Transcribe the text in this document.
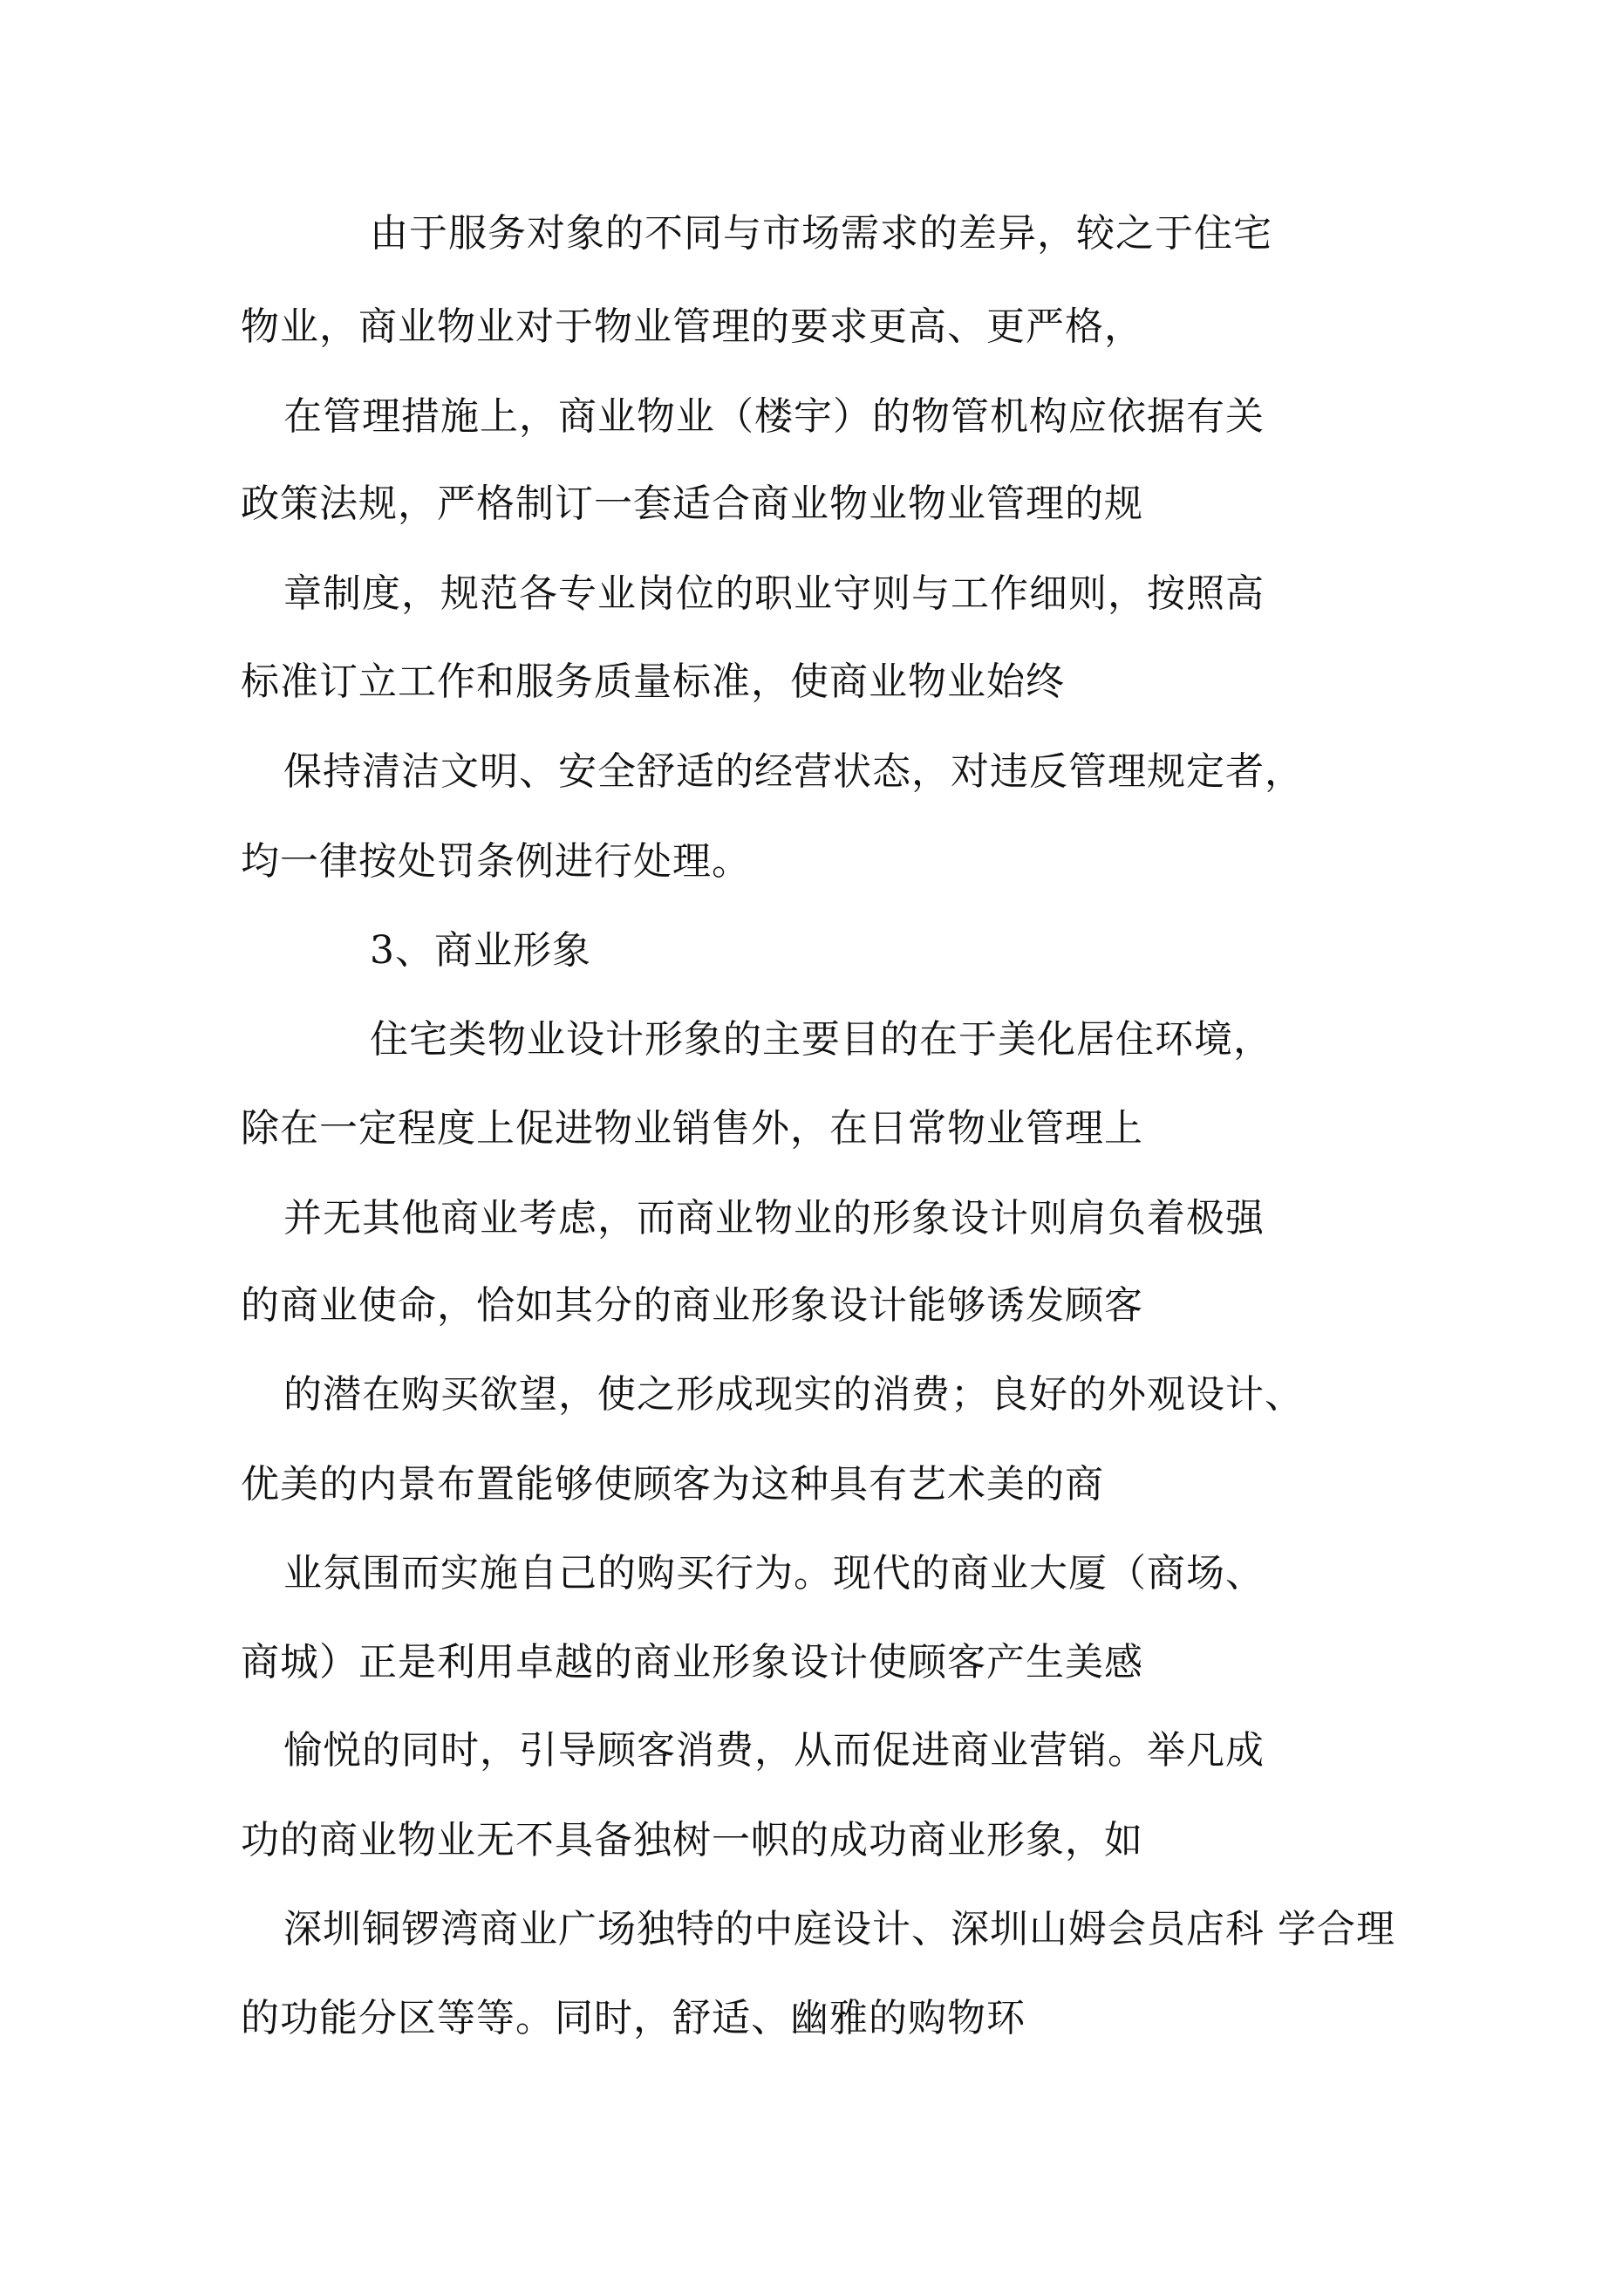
由于服务对象的不同与市场需求的差异，较之于住宅
物业，商业物业对于物业管理的要求更高、更严格，
在管理措施上，商业物业（楼宇）的物管机构应依据有关
政策法规，严格制订一套适合商业物业物业管理的规
章制度，规范各专业岗位的职业守则与工作细则，按照高
标准订立工作和服务质量标准，使商业物业始终
保持清洁文明、安全舒适的经营状态，对违反管理规定者，
均一律按处罚条例进行处理。
3、商业形象
住宅类物业设计形象的主要目的在于美化居住环境，
除在一定程度上促进物业销售外，在日常物业管理上
并无其他商业考虑，而商业物业的形象设计则肩负着极强
的商业使命，恰如其分的商业形象设计能够诱发顾客
的潜在购买欲望，使之形成现实的消费；良好的外观设计、
优美的内景布置能够使顾客为这种具有艺术美的商
业氛围而实施自己的购买行为。现代的商业大厦（商场、
商城）正是利用卓越的商业形象设计使顾客产生美感
愉悦的同时，引导顾客消费，从而促进商业营销。举凡成
功的商业物业无不具备独树一帜的成功商业形象，如
深圳铜锣湾商业广场独特的中庭设计、深圳山姆会员店科 学合理
的功能分区等等。同时，舒适、幽雅的购物环
